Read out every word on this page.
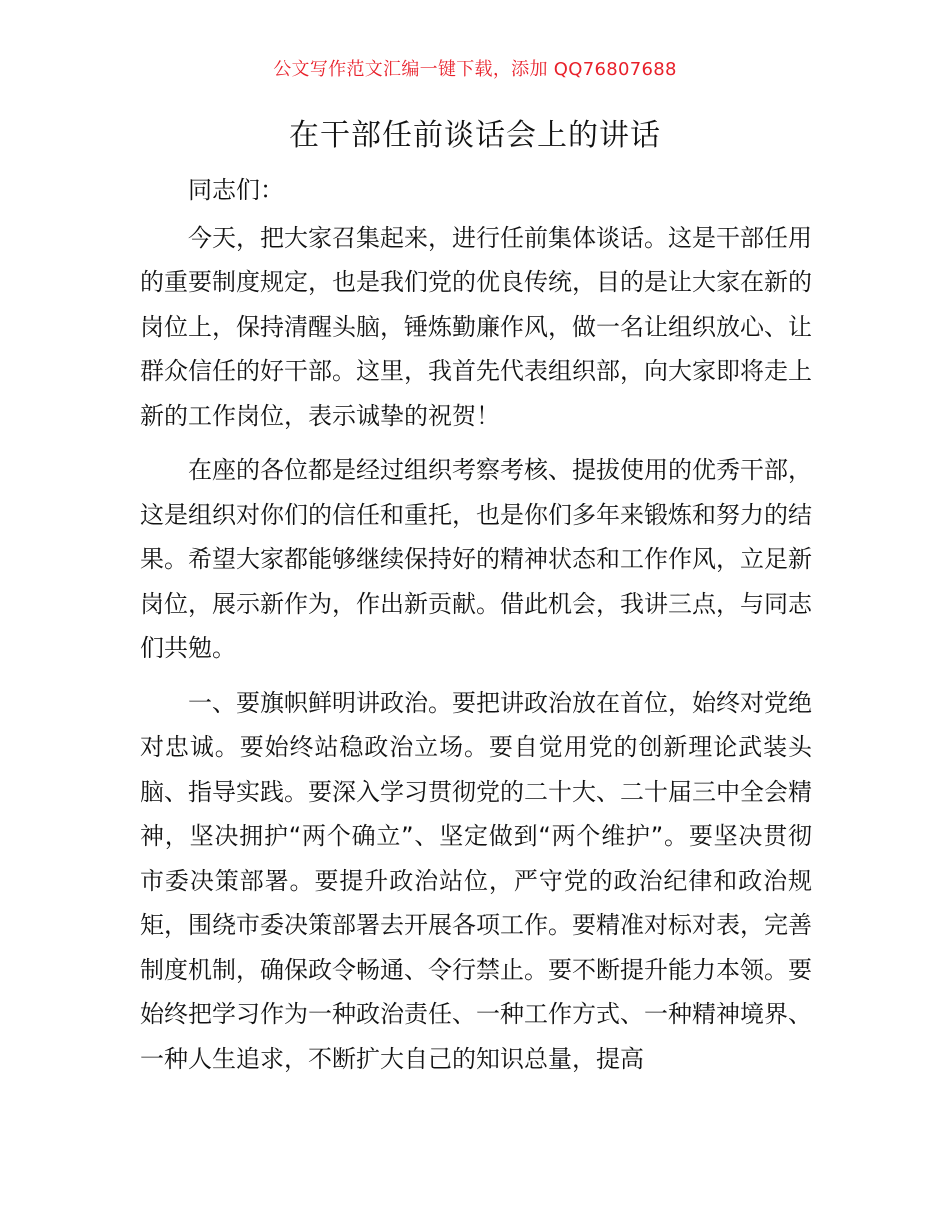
公文写作范文汇编一键下载，添加 QQ76807688
在干部任前谈话会上的讲话

同志们：

今天，把大家召集起来，进行任前集体谈话。这是干部任用的重要制度规定，也是我们党的优良传统，目的是让大家在新的岗位上，保持清醒头脑，锤炼勤廉作风，做一名让组织放心、让群众信任的好干部。这里，我首先代表组织部，向大家即将走上新的工作岗位，表示诚挚的祝贺！

在座的各位都是经过组织考察考核、提拔使用的优秀干部，这是组织对你们的信任和重托，也是你们多年来锻炼和努力的结果。希望大家都能够继续保持好的精神状态和工作作风，立足新岗位，展示新作为，作出新贡献。借此机会，我讲三点，与同志们共勉。

一、要旗帜鲜明讲政治。要把讲政治放在首位，始终对党绝对忠诚。要始终站稳政治立场。要自觉用党的创新理论武装头脑、指导实践。要深入学习贯彻党的二十大、二十届三中全会精神，坚决拥护“两个确立”、坚定做到“两个维护”。要坚决贯彻市委决策部署。要提升政治站位，严守党的政治纪律和政治规矩，围绕市委决策部署去开展各项工作。要精准对标对表，完善制度机制，确保政令畅通、令行禁止。要不断提升能力本领。要始终把学习作为一种政治责任、一种工作方式、一种精神境界、一种人生追求，不断扩大自己的知识总量，提高
